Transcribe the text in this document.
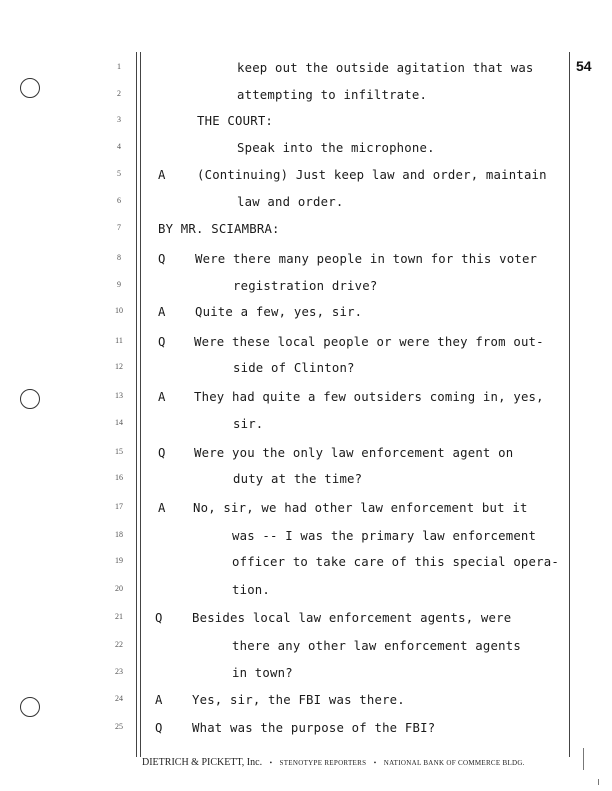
54
1
2
3
4
5
6
7
8
9
10
11
12
13
14
15
16
17
18
19
20
21
22
23
24
25
keep out the outside agitation that was
attempting to infiltrate.
THE COURT:
Speak into the microphone.
A	(Continuing) Just keep law and order, maintain
law and order.
BY MR. SCIAMBRA:
Q Were there many people in town for this voter
registration drive?
A Quite a few, yes, sir.
Q Were these local people or were they from out-
side of Clinton?
A They had quite a few outsiders coming in, yes,
sir.
Q Were you the only law enforcement agent on
duty at the time?
A No, sir, we had other law enforcement but it
was -- I was the primary law enforcement
officer to take care of this special opera-
tion.
Q Besides local law enforcement agents, were
there any other law enforcement agents
in town?
A Yes, sir, the FBI was there.
Q What was the purpose of the FBI?
DIETRICH & PICKETT, Inc. • STENOTYPE REPORTERS • NATIONAL BANK OF COMMERCE BLDG.
